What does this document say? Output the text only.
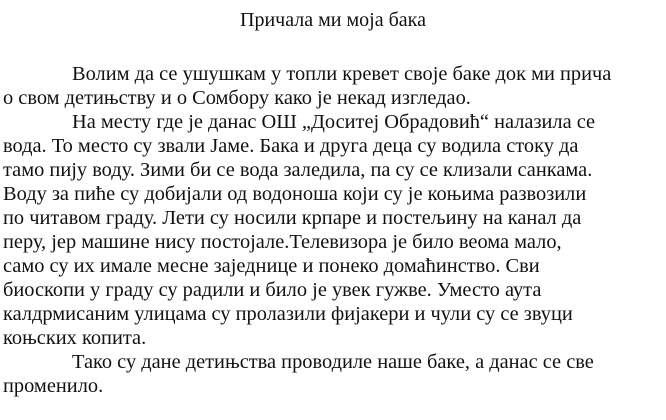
Причала ми моја бака
Волим да се ушушкам у топли кревет своје баке док ми прича
о свом детињству и о Сомбору како је некад изгледао.
На месту где је данас ОШ „Доситеј Обрадовић“ налазила се
вода. То место су звали Јаме. Бака и друга деца су водила стоку да
тамо пију воду. Зими би се вода заледила, па су се клизали санкама.
Воду за пиће су добијали од водоноша који су је коњима развозили
по читавом граду. Лети су носили крпаре и постељину на канал да
перу, јер машине нису постојале.Телевизора је било веома мало,
само су их имале месне заједнице и понеко домаћинство. Сви
биоскопи у граду су радили и било је увек гужве. Уместо аута
калдрмисаним улицама су пролазили фијакери и чули су се звуци
коњских копита.
Тако су дане детињства проводиле наше баке, а данас се све
променило.
